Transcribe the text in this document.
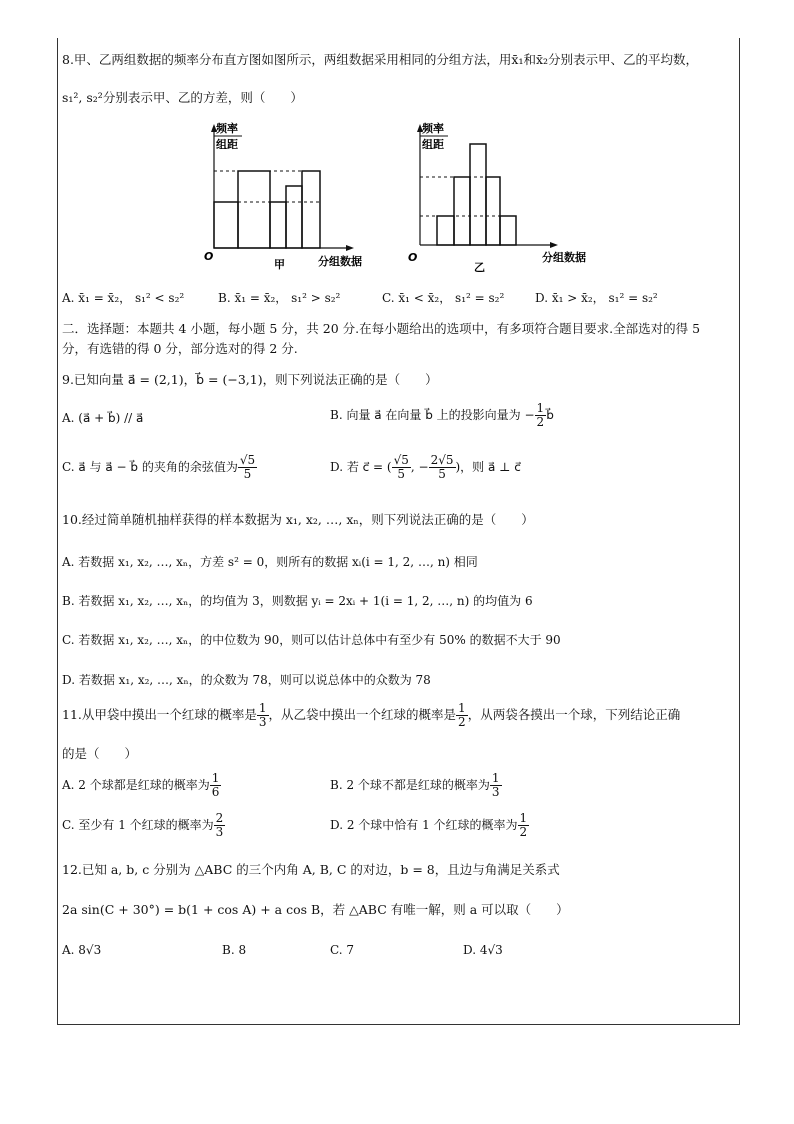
8.甲、乙两组数据的频率分布直方图如图所示，两组数据采用相同的分组方法，用x̄₁和x̄₂分别表示甲、乙的平均数，
s₁², s₂²分别表示甲、乙的方差，则（　　）
频率
组距
O
甲	分组数据
频率
组距
O
乙
分组数据
A. x̄₁ = x̄₂， s₁² < s₂²	B. x̄₁ = x̄₂， s₁² > s₂²	C. x̄₁ < x̄₂， s₁² = s₂²	D. x̄₁ > x̄₂， s₁² = s₂²
二．选择题：本题共 4 小题，每小题 5 分，共 20 分.在每小题给出的选项中，有多项符合题目要求.全部选对的得 5
分，有选错的得 0 分，部分选对的得 2 分.
9.已知向量 a⃗ = (2,1)，b⃗ = (−3,1)，则下列说法正确的是（　　）
A. (a⃗ + b⃗) // a⃗	B. 向量 a⃗ 在向量 b⃗ 上的投影向量为 − $\frac{1}{2}$ b⃗
C. a⃗ 与 a⃗ − b⃗ 的夹角的余弦值为 $\frac{√5}{5}$	D. 若 c⃗ = ( $\frac{√5}{5}$ , − $\frac{2√5}{5}$ )，则 a⃗ ⊥ c⃗
10.经过简单随机抽样获得的样本数据为 x₁, x₂, …, xₙ，则下列说法正确的是（　　）
A. 若数据 x₁, x₂, …, xₙ，方差 s² = 0，则所有的数据 xᵢ(i = 1, 2, …, n) 相同
B. 若数据 x₁, x₂, …, xₙ，的均值为 3，则数据 yᵢ = 2xᵢ + 1(i = 1, 2, …, n) 的均值为 6
C. 若数据 x₁, x₂, …, xₙ，的中位数为 90，则可以估计总体中有至少有 50% 的数据不大于 90
D. 若数据 x₁, x₂, …, xₙ，的众数为 78，则可以说总体中的众数为 78
11.从甲袋中摸出一个红球的概率是 $\frac{1}{3}$ ，从乙袋中摸出一个红球的概率是 $\frac{1}{2}$ ，从两袋各摸出一个球，下列结论正确
的是（　　）
A. 2 个球都是红球的概率为 $\frac{1}{6}$	B. 2 个球不都是红球的概率为 $\frac{1}{3}$
C. 至少有 1 个红球的概率为 $\frac{2}{3}$	D. 2 个球中恰有 1 个红球的概率为 $\frac{1}{2}$
12.已知 a, b, c 分别为 △ABC 的三个内角 A, B, C 的对边，b = 8，且边与角满足关系式
2a sin(C + 30°) = b(1 + cos A) + a cos B，若 △ABC 有唯一解，则 a 可以取（　　）
A. 8√3	B. 8	C. 7	D. 4√3
